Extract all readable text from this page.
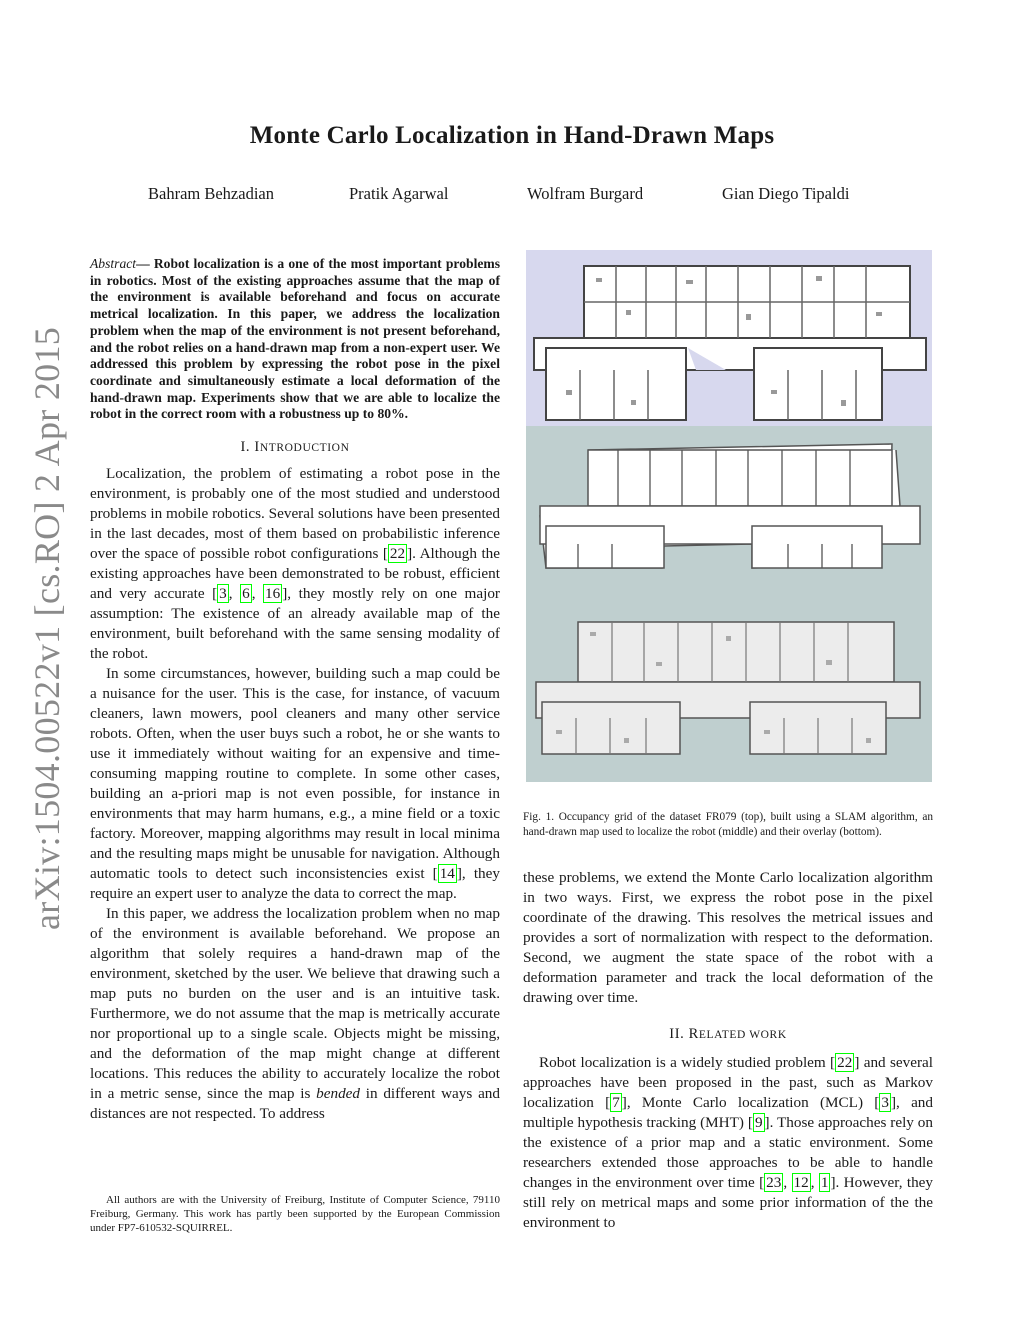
Monte Carlo Localization in Hand-Drawn Maps
Bahram Behzadian	Pratik Agarwal	Wolfram Burgard	Gian Diego Tipaldi
arXiv:1504.00522v1 [cs.RO] 2 Apr 2015

Abstract— Robot localization is a one of the most important problems in robotics. Most of the existing approaches assume that the map of the environment is available beforehand and focus on accurate metrical localization. In this paper, we address the localization problem when the map of the environment is not present beforehand, and the robot relies on a hand-drawn map from a non-expert user. We addressed this problem by expressing the robot pose in the pixel coordinate and simultaneously estimate a local deformation of the hand-drawn map. Experiments show that we are able to localize the robot in the correct room with a robustness up to 80%.

I. INTRODUCTION

Localization, the problem of estimating a robot pose in the environment, is probably one of the most studied and understood problems in mobile robotics. Several solutions have been presented in the last decades, most of them based on probabilistic inference over the space of possible robot configurations [ 22 ]. Although the existing approaches have been demonstrated to be robust, efficient and very accurate [ 3 , 6 , 16 ], they mostly rely on one major assumption: The existence of an already available map of the environment, built beforehand with the same sensing modality of the robot.

In some circumstances, however, building such a map could be a nuisance for the user. This is the case, for instance, of vacuum cleaners, lawn mowers, pool cleaners and many other service robots. Often, when the user buys such a robot, he or she wants to use it immediately without waiting for an expensive and time-consuming mapping routine to complete. In some other cases, building an a-priori map is not even possible, for instance in environments that may harm humans, e.g., a mine field or a toxic factory. Moreover, mapping algorithms may result in local minima and the resulting maps might be unusable for navigation. Although automatic tools to detect such inconsistencies exist [ 14 ], they require an expert user to analyze the data to correct the map.

In this paper, we address the localization problem when no map of the environment is available beforehand. We propose an algorithm that solely requires a hand-drawn map of the environment, sketched by the user. We believe that drawing such a map puts no burden on the user and is an intuitive task. Furthermore, we do not assume that the map is metrically accurate nor proportional up to a single scale. Objects might be missing, and the deformation of the map might change at different locations. This reduces the ability to accurately localize the robot in a metric sense, since the map is bended in different ways and distances are not respected. To address

All authors are with the University of Freiburg, Institute of Computer Science, 79110 Freiburg, Germany. This work has partly been supported by the European Commission under FP7-610532-SQUIRREL.
Fig. 1. Occupancy grid of the dataset FR079 (top), built using a SLAM algorithm, an hand-drawn map used to localize the robot (middle) and their overlay (bottom).

these problems, we extend the Monte Carlo localization algorithm in two ways. First, we express the robot pose in the pixel coordinate of the drawing. This resolves the metrical issues and provides a sort of normalization with respect to the deformation. Second, we augment the state space of the robot with a deformation parameter and track the local deformation of the drawing over time.

II. RELATED WORK

Robot localization is a widely studied problem [ 22 ] and several approaches have been proposed in the past, such as Markov localization [ 7 ], Monte Carlo localization (MCL) [ 3 ], and multiple hypothesis tracking (MHT) [ 9 ]. Those approaches rely on the existence of a prior map and a static environment. Some researchers extended those approaches to be able to handle changes in the environment over time [ 23 , 12 , 1 ]. However, they still rely on metrical maps and some prior information of the the environment to
